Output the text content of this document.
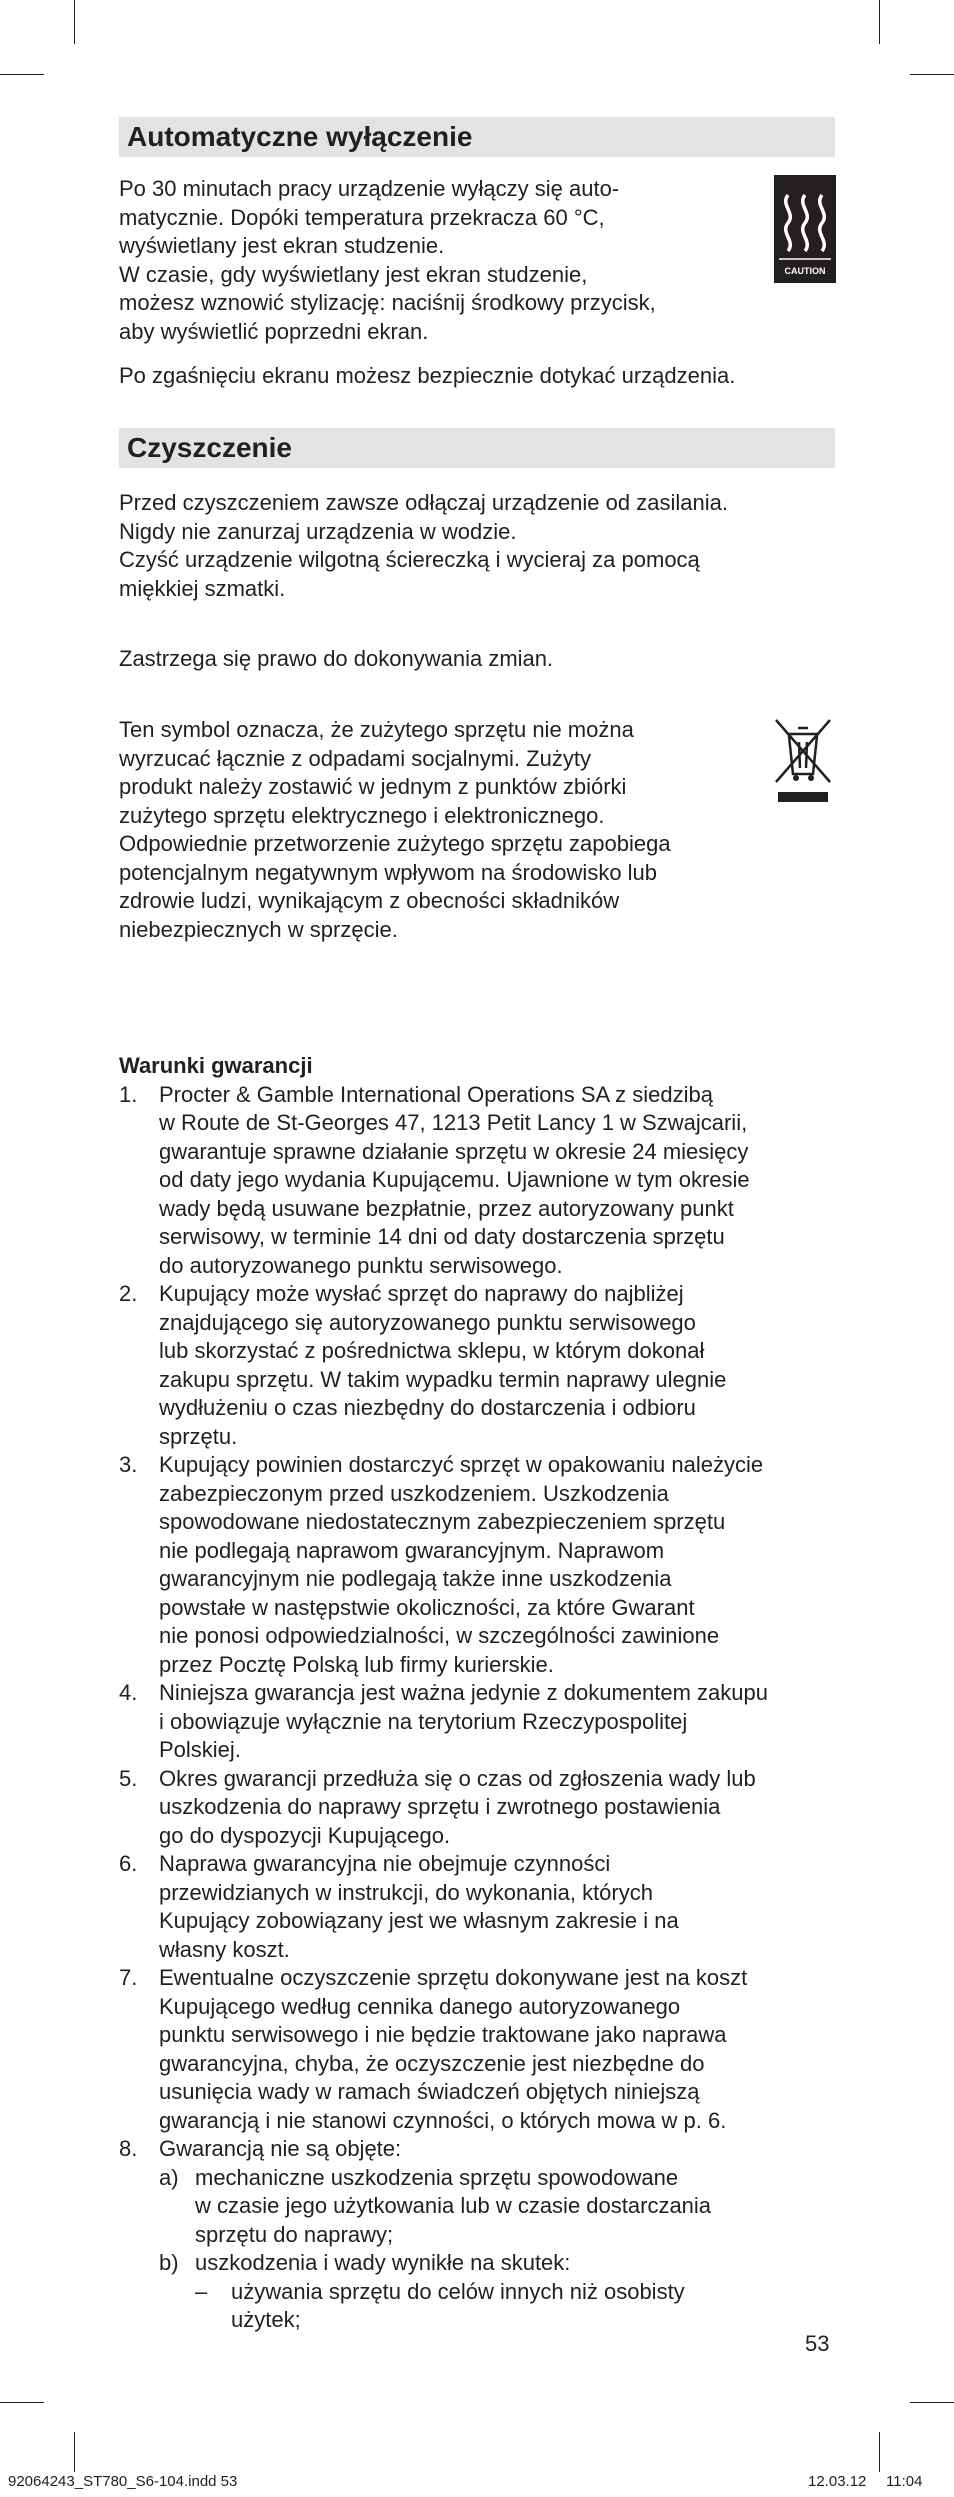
Automatyczne wyłączenie
Po 30 minutach pracy urządzenie wyłączy się auto-
matycznie. Dopóki temperatura przekracza 60 °C,
wyświetlany jest ekran studzenie.
W czasie, gdy wyświetlany jest ekran studzenie,
możesz wznowić stylizację: naciśnij środkowy przycisk,
aby wyświetlić poprzedni ekran.
CAUTION
Po zgaśnięciu ekranu możesz bezpiecznie dotykać urządzenia.
Czyszczenie
Przed czyszczeniem zawsze odłączaj urządzenie od zasilania.
Nigdy nie zanurzaj urządzenia w wodzie.
Czyść urządzenie wilgotną ściereczką i wycieraj za pomocą
miękkiej szmatki.
Zastrzega się prawo do dokonywania zmian.
Ten symbol oznacza, że zużytego sprzętu nie można
wyrzucać łącznie z odpadami socjalnymi. Zużyty
produkt należy zostawić w jednym z punktów zbiórki
zużytego sprzętu elektrycznego i elektronicznego.
Odpowiednie przetworzenie zużytego sprzętu zapobiega
potencjalnym negatywnym wpływom na środowisko lub
zdrowie ludzi, wynikającym z obecności składników
niebezpiecznych w sprzęcie.
Warunki gwarancji
1. Procter & Gamble International Operations SA z siedzibą
w Route de St-Georges 47, 1213 Petit Lancy 1 w Szwajcarii,
gwarantuje sprawne działanie sprzętu w okresie 24 miesięcy
od daty jego wydania Kupującemu. Ujawnione w tym okresie
wady będą usuwane bezpłatnie, przez autoryzowany punkt
serwisowy, w terminie 14 dni od daty dostarczenia sprzętu
do autoryzowanego punktu serwisowego.
2. Kupujący może wysłać sprzęt do naprawy do najbliżej
znajdującego się autoryzowanego punktu serwisowego
lub skorzystać z pośrednictwa sklepu, w którym dokonał
zakupu sprzętu. W takim wypadku termin naprawy ulegnie
wydłużeniu o czas niezbędny do dostarczenia i odbioru
sprzętu.
3. Kupujący powinien dostarczyć sprzęt w opakowaniu należycie
zabezpieczonym przed uszkodzeniem. Uszkodzenia
spowodowane niedostatecznym zabezpieczeniem sprzętu
nie podlegają naprawom gwarancyjnym. Naprawom
gwarancyjnym nie podlegają także inne uszkodzenia
powstałe w następstwie okoliczności, za które Gwarant
nie ponosi odpowiedzialności, w szczególności zawinione
przez Pocztę Polską lub firmy kurierskie.
4. Niniejsza gwarancja jest ważna jedynie z dokumentem zakupu
i obowiązuje wyłącznie na terytorium Rzeczypospolitej
Polskiej.
5. Okres gwarancji przedłuża się o czas od zgłoszenia wady lub
uszkodzenia do naprawy sprzętu i zwrotnego postawienia
go do dyspozycji Kupującego.
6. Naprawa gwarancyjna nie obejmuje czynności
przewidzianych w instrukcji, do wykonania, których
Kupujący zobowiązany jest we własnym zakresie i na
własny koszt.
7. Ewentualne oczyszczenie sprzętu dokonywane jest na koszt
Kupującego według cennika danego autoryzowanego
punktu serwisowego i nie będzie traktowane jako naprawa
gwarancyjna, chyba, że oczyszczenie jest niezbędne do
usunięcia wady w ramach świadczeń objętych niniejszą
gwarancją i nie stanowi czynności, o których mowa w p. 6.
8. Gwarancją nie są objęte:
a) mechaniczne uszkodzenia sprzętu spowodowane
w czasie jego użytkowania lub w czasie dostarczania
sprzętu do naprawy;
b) uszkodzenia i wady wynikłe na skutek:
– używania sprzętu do celów innych niż osobisty
użytek;
53
92064243_ST780_S6-104.indd 53	12.03.12 11:04
